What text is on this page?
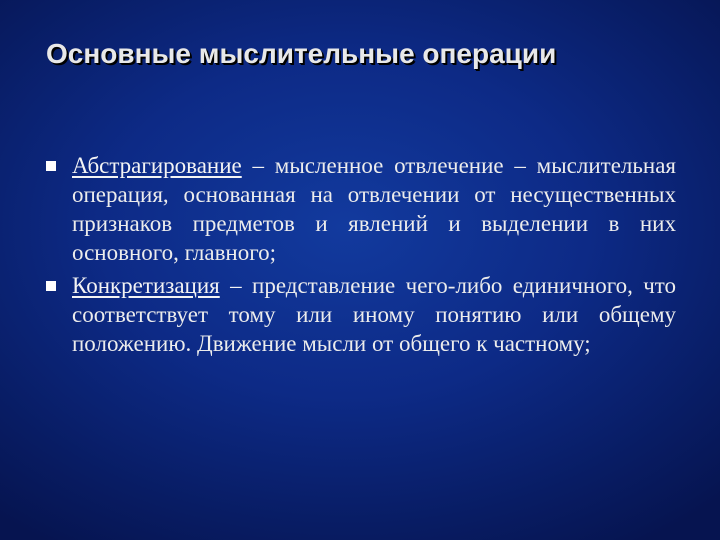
Основные мыслительные операции
Абстрагирование – мысленное отвлечение – мыслительная операция, основанная на отвлечении от несущественных признаков предметов и явлений и выделении в них основного, главного;
Конкретизация – представление чего-либо единичного, что соответствует тому или иному понятию или общему положению. Движение мысли от общего к частному;
